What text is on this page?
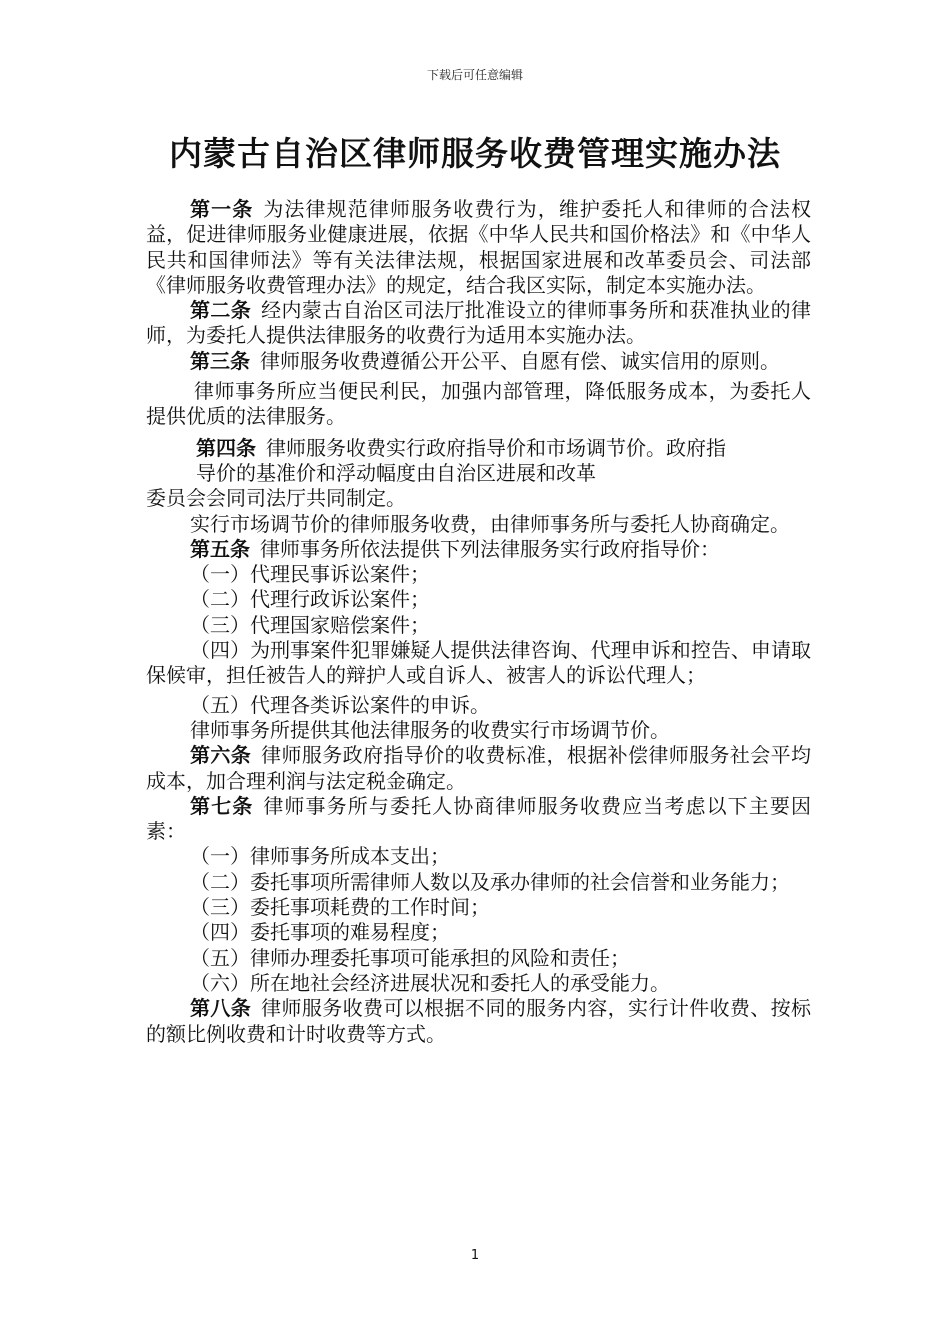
下载后可任意编辑
内蒙古自治区律师服务收费管理实施办法

第一条 为法律规范律师服务收费行为，维护委托人和律师的合法权益，促进律师服务业健康进展，依据《中华人民共和国价格法》和《中华人民共和国律师法》等有关法律法规，根据国家进展和改革委员会、司法部《律师服务收费管理办法》的规定，结合我区实际，制定本实施办法。

第二条 经内蒙古自治区司法厅批准设立的律师事务所和获准执业的律师，为委托人提供法律服务的收费行为适用本实施办法。

第三条 律师服务收费遵循公开公平、自愿有偿、诚实信用的原则。

律师事务所应当便民利民，加强内部管理，降低服务成本，为委托人提供优质的法律服务。

第四条 律师服务收费实行政府指导价和市场调节价。政府指

导价的基准价和浮动幅度由自治区进展和改革

委员会会同司法厅共同制定。

实行市场调节价的律师服务收费，由律师事务所与委托人协商确定。

第五条 律师事务所依法提供下列法律服务实行政府指导价：

（一）代理民事诉讼案件；

（二）代理行政诉讼案件；

（三）代理国家赔偿案件；

（四）为刑事案件犯罪嫌疑人提供法律咨询、代理申诉和控告、申请取保候审，担任被告人的辩护人或自诉人、被害人的诉讼代理人；

（五）代理各类诉讼案件的申诉。

律师事务所提供其他法律服务的收费实行市场调节价。

第六条 律师服务政府指导价的收费标准，根据补偿律师服务社会平均成本，加合理利润与法定税金确定。

第七条 律师事务所与委托人协商律师服务收费应当考虑以下主要因素：

（一）律师事务所成本支出；

（二）委托事项所需律师人数以及承办律师的社会信誉和业务能力；

（三）委托事项耗费的工作时间；

（四）委托事项的难易程度；

（五）律师办理委托事项可能承担的风险和责任；

（六）所在地社会经济进展状况和委托人的承受能力。

第八条 律师服务收费可以根据不同的服务内容，实行计件收费、按标的额比例收费和计时收费等方式。

1
